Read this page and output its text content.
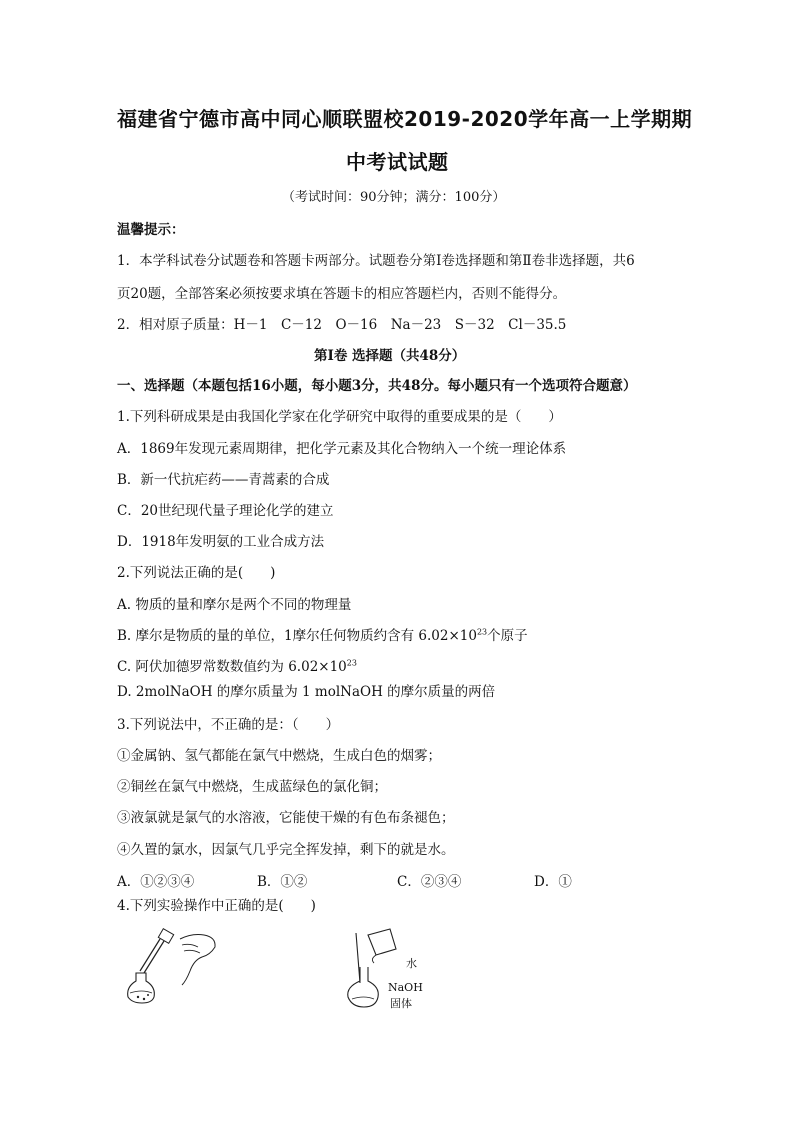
福建省宁德市高中同心顺联盟校2019-2020学年高一上学期期
中考试试题
（考试时间：90分钟；满分：100分）
温馨提示：
1．本学科试卷分试题卷和答题卡两部分。试题卷分第Ⅰ卷选择题和第Ⅱ卷非选择题，共6
页20题，全部答案必须按要求填在答题卡的相应答题栏内，否则不能得分。
2．相对原子质量：H－1　C－12　O－16　Na－23　S－32　Cl－35.5
第Ⅰ卷 选择题（共48分）
一、选择题（本题包括16小题，每小题3分，共48分。每小题只有一个选项符合题意）
1.下列科研成果是由我国化学家在化学研究中取得的重要成果的是（　　）
A．1869年发现元素周期律，把化学元素及其化合物纳入一个统一理论体系
B．新一代抗疟药——青蒿素的合成
C．20世纪现代量子理论化学的建立
D．1918年发明氨的工业合成方法
2.下列说法正确的是(　　)
A. 物质的量和摩尔是两个不同的物理量
B. 摩尔是物质的量的单位，1摩尔任何物质约含有 $6.02\times 10^{23}$个原子
C. 阿伏加德罗常数数值约为 $6.02\times 10^{23}$
D. 2molNaOH 的摩尔质量为 1 molNaOH 的摩尔质量的两倍
3.下列说法中，不正确的是：（　　）
①金属钠、氢气都能在氯气中燃烧，生成白色的烟雾；
②铜丝在氯气中燃烧，生成蓝绿色的氯化铜；
③液氯就是氯气的水溶液，它能使干燥的有色布条褪色；
④久置的氯水，因氯气几乎完全挥发掉，剩下的就是水。
A．①②③④	B．①②	C．②③④	D．①
4.下列实验操作中正确的是(　　)
水
NaOH
固体
